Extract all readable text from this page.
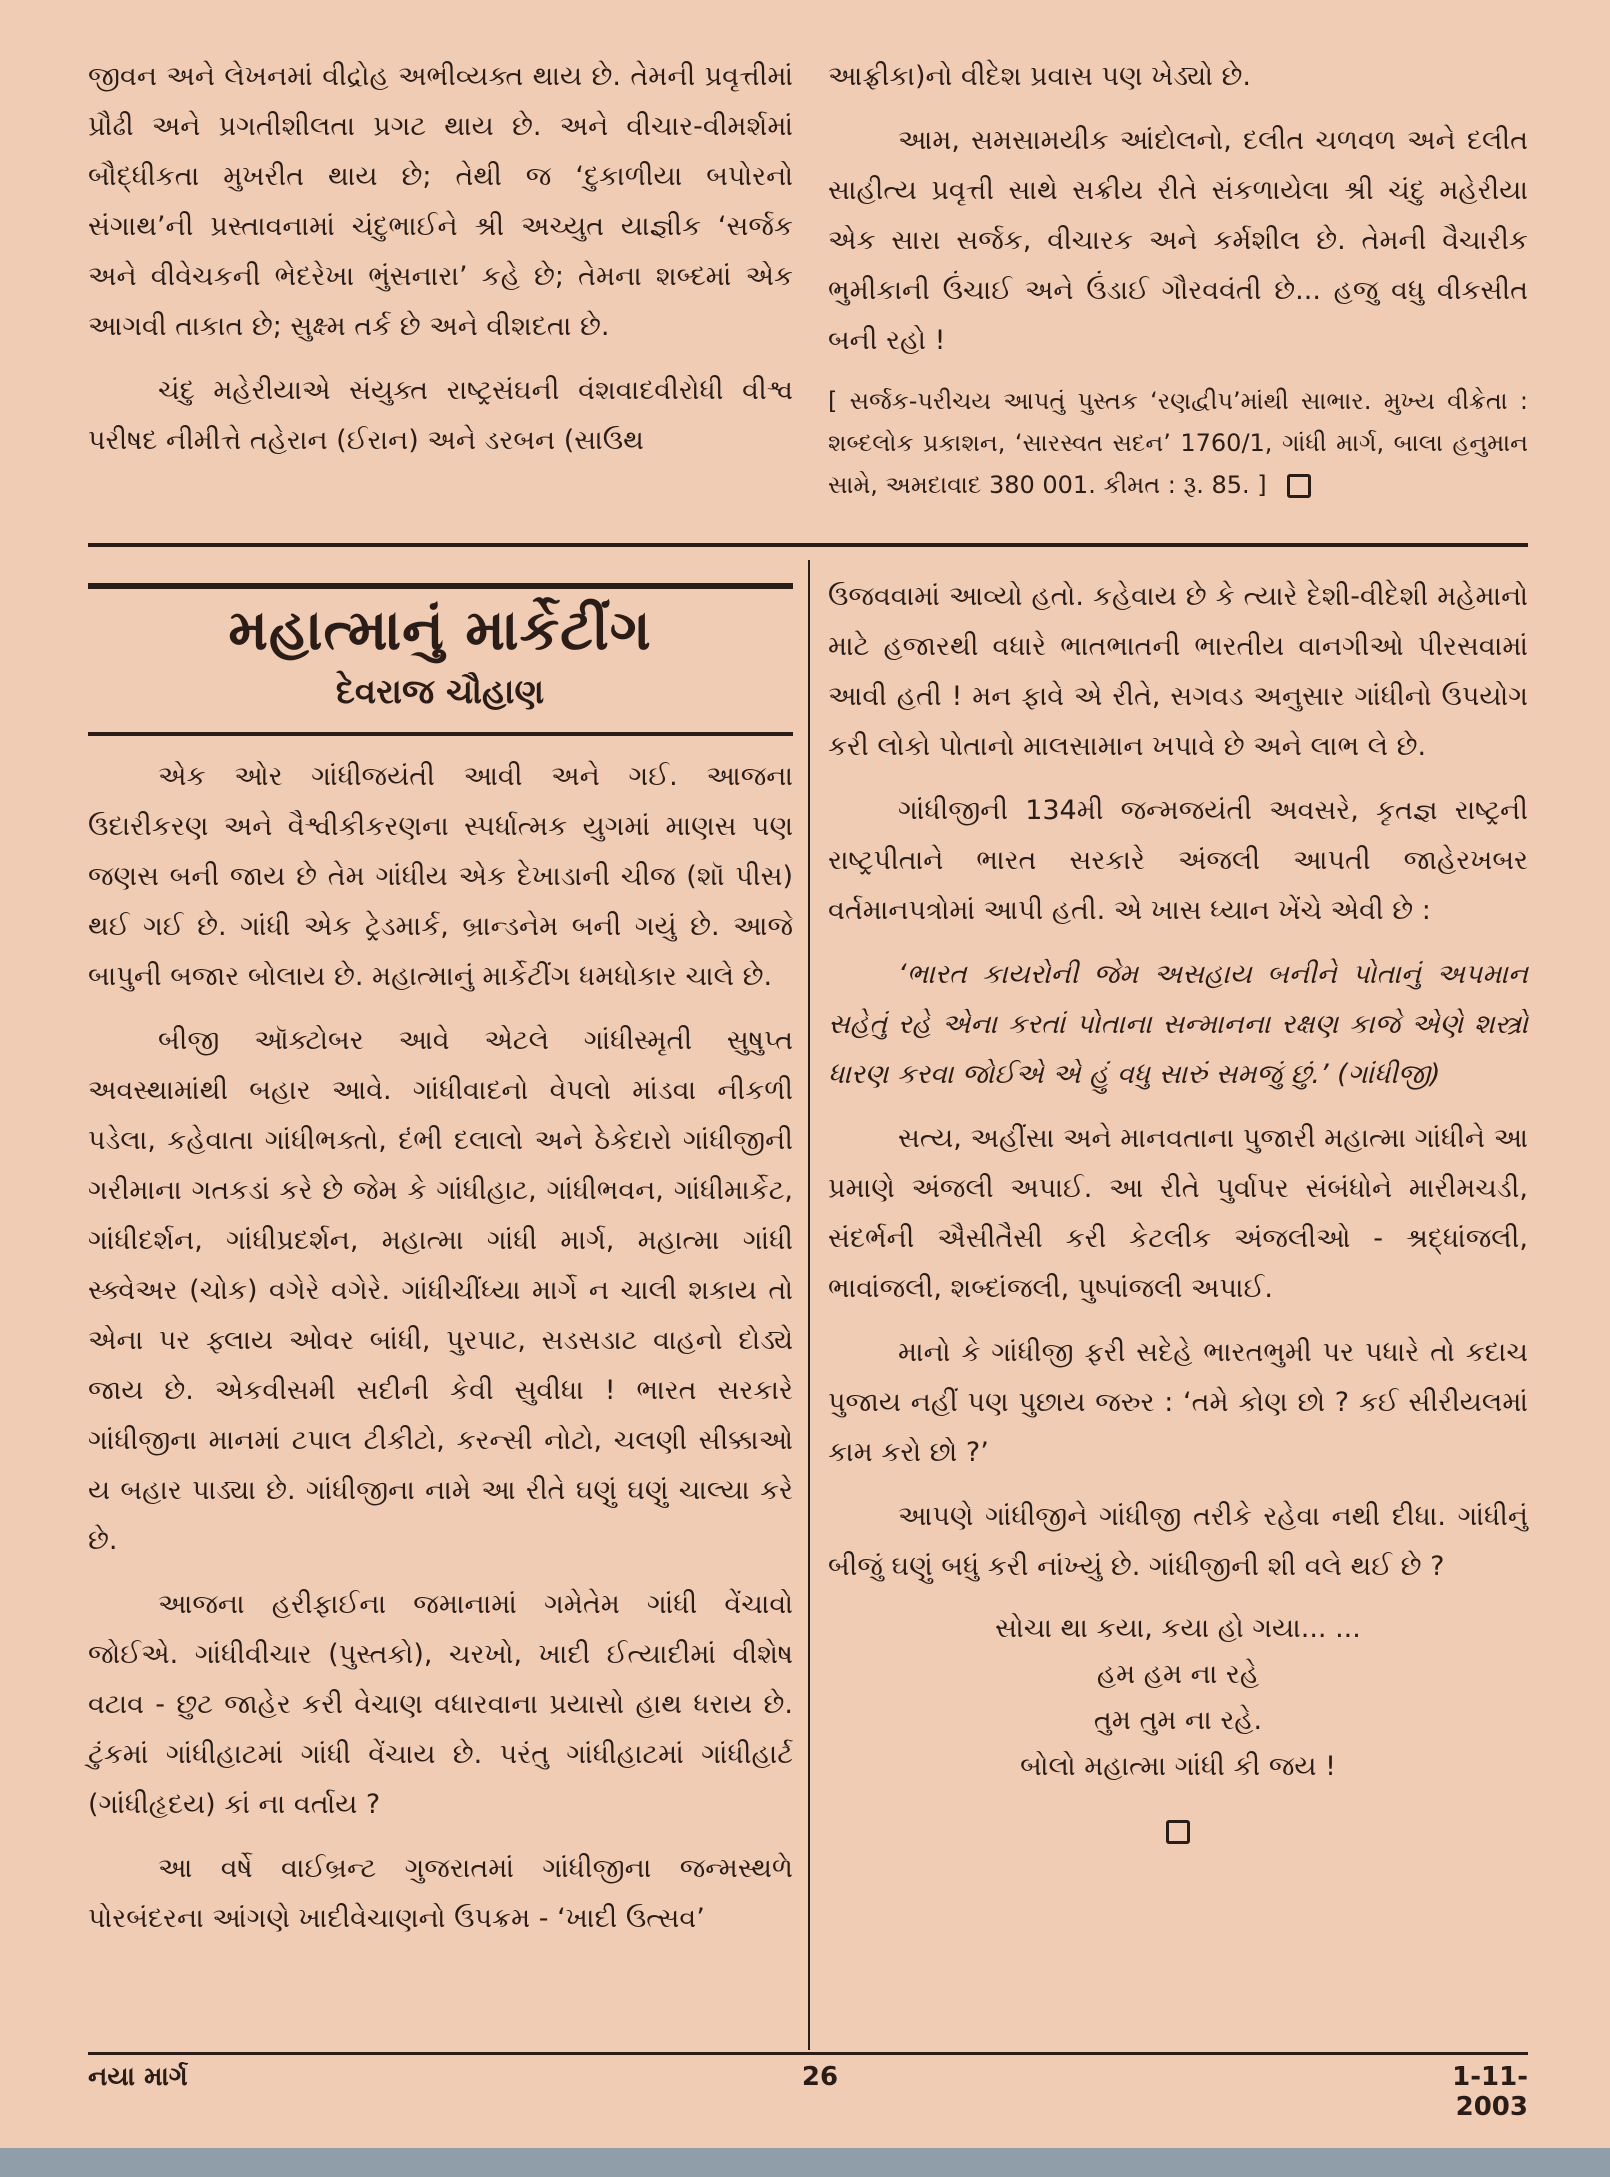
જીવન અને લેખનમાં વીદ્રોહ અભીવ્યક્ત થાય છે. તેમની પ્રવૃત્તીમાં પ્રૌઢી અને પ્રગતીશીલતા પ્રગટ થાય છે. અને વીચાર-વીમર્શમાં બૌદ્ધીકતા મુખરીત થાય છે; તેથી જ ‘દુકાળીયા બપોરનો સંગાથ’ની પ્રસ્તાવનામાં ચંદુભાઈને શ્રી અચ્યુત યાજ્ઞીક ‘સર્જક અને વીવેચકની ભેદરેખા ભુંસનારા’ કહે છે; તેમના શબ્દમાં એક આગવી તાકાત છે; સુક્ષ્મ તર્ક છે અને વીશદતા છે.

ચંદુ મહેરીયાએ સંયુક્ત રાષ્ટ્રસંઘની વંશવાદવીરોધી વીશ્વ પરીષદ નીમીત્તે તહેરાન (ઈરાન) અને ડરબન (સાઉથ

આફ્રીકા)નો વીદેશ પ્રવાસ પણ ખેડ્યો છે.

આમ, સમસામયીક આંદોલનો, દલીત ચળવળ અને દલીત સાહીત્ય પ્રવૃત્તી સાથે સક્રીય રીતે સંકળાયેલા શ્રી ચંદુ મહેરીયા એક સારા સર્જક, વીચારક અને કર્મશીલ છે. તેમની વૈચારીક ભુમીકાની ઉંચાઈ અને ઉંડાઈ ગૌરવવંતી છે... હજુ વધુ વીકસીત બની રહો !

[ સર્જક-પરીચય આપતું પુસ્તક ‘રણદ્વીપ’માંથી સાભાર. મુખ્ય વીક્રેતા : શબ્દલોક પ્રકાશન, ‘સારસ્વત સદન’ 1760/1, ગાંધી માર્ગ, બાલા હનુમાન સામે, અમદાવાદ 380 001. કીમત : રૂ. 85. ]

મહાત્માનું માર્કેટીંગ
દેવરાજ ચૌહાણ

એક ઓર ગાંધીજયંતી આવી અને ગઈ. આજના ઉદારીકરણ અને વૈશ્વીકીકરણના સ્પર્ધાત્મક યુગમાં માણસ પણ જણસ બની જાય છે તેમ ગાંધીય એક દેખાડાની ચીજ (શૉ પીસ) થઈ ગઈ છે. ગાંધી એક ટ્રેડમાર્ક, બ્રાન્ડનેમ બની ગયું છે. આજે બાપુની બજાર બોલાય છે. મહાત્માનું માર્કેટીંગ ધમધોકાર ચાલે છે.

બીજી ઑક્ટોબર આવે એટલે ગાંધીસ્મૃતી સુષુપ્ત અવસ્થામાંથી બહાર આવે. ગાંધીવાદનો વેપલો માંડવા નીકળી પડેલા, કહેવાતા ગાંધીભક્તો, દંભી દલાલો અને ઠેકેદારો ગાંધીજીની ગરીમાના ગતકડાં કરે છે જેમ કે ગાંધીહાટ, ગાંધીભવન, ગાંધીમાર્કેટ, ગાંધીદર્શન, ગાંધીપ્રદર્શન, મહાત્મા ગાંધી માર્ગ, મહાત્મા ગાંધી સ્ક્વેઅર (ચોક) વગેરે વગેરે. ગાંધીચીંધ્યા માર્ગે ન ચાલી શકાય તો એના પર ફ્લાય ઓવર બાંધી, પુરપાટ, સડસડાટ વાહનો દોડ્યે જાય છે. એકવીસમી સદીની કેવી સુવીધા ! ભારત સરકારે ગાંધીજીના માનમાં ટપાલ ટીકીટો, કરન્સી નોટો, ચલણી સીક્કાઓ ય બહાર પાડ્યા છે. ગાંધીજીના નામે આ રીતે ઘણું ઘણું ચાલ્યા કરે છે.

આજના હરીફાઈના જમાનામાં ગમેતેમ ગાંધી વેંચાવો જોઈએ. ગાંધીવીચાર (પુસ્તકો), ચરખો, ખાદી ઈત્યાદીમાં વીશેષ વટાવ - છુટ જાહેર કરી વેચાણ વધારવાના પ્રયાસો હાથ ધરાય છે. ટુંકમાં ગાંધીહાટમાં ગાંધી વેંચાય છે. પરંતુ ગાંધીહાટમાં ગાંધીહાર્ટ (ગાંધીહૃદય) કાં ના વર્તાય ?

આ વર્ષે વાઈબ્રન્ટ ગુજરાતમાં ગાંધીજીના જન્મસ્થળે પોરબંદરના આંગણે ખાદીવેચાણનો ઉપક્રમ - ‘ખાદી ઉત્સવ’

ઉજવવામાં આવ્યો હતો. કહેવાય છે કે ત્યારે દેશી-વીદેશી મહેમાનો માટે હજારથી વધારે ભાતભાતની ભારતીય વાનગીઓ પીરસવામાં આવી હતી ! મન ફાવે એ રીતે, સગવડ અનુસાર ગાંધીનો ઉપયોગ કરી લોકો પોતાનો માલસામાન ખપાવે છે અને લાભ લે છે.

ગાંધીજીની 134મી જન્મજયંતી અવસરે, કૃતજ્ઞ રાષ્ટ્રની રાષ્ટ્રપીતાને ભારત સરકારે અંજલી આપતી જાહેરખબર વર્તમાનપત્રોમાં આપી હતી. એ ખાસ ધ્યાન ખેંચે એવી છે :

‘ભારત કાયરોની જેમ અસહાય બનીને પોતાનું અપમાન સહેતું રહે એના કરતાં પોતાના સન્માનના રક્ષણ કાજે એણે શસ્ત્રો ધારણ કરવા જોઈએ એ હું વધુ સારું સમજું છું.’ (ગાંધીજી)

સત્ય, અહીંસા અને માનવતાના પુજારી મહાત્મા ગાંધીને આ પ્રમાણે અંજલી અપાઈ. આ રીતે પુર્વાપર સંબંધોને મારીમચડી, સંદર્ભની ઐસીતૈસી કરી કેટલીક અંજલીઓ - શ્રદ્ધાંજલી, ભાવાંજલી, શબ્દાંજલી, પુષ્પાંજલી અપાઈ.

માનો કે ગાંધીજી ફરી સદેહે ભારતભુમી પર પધારે તો કદાચ પુજાય નહીં પણ પુછાય જરુર : ‘તમે કોણ છો ? કઈ સીરીયલમાં કામ કરો છો ?’

આપણે ગાંધીજીને ગાંધીજી તરીકે રહેવા નથી દીધા. ગાંધીનું બીજું ઘણું બધું કરી નાંખ્યું છે. ગાંધીજીની શી વલે થઈ છે ?

સોચા થા કયા, કયા હો ગયા... ...
હમ હમ ના રહે
તુમ તુમ ના રહે.
બોલો મહાત્મા ગાંધી કી જય !
નયા માર્ગ	26	1-11-2003
